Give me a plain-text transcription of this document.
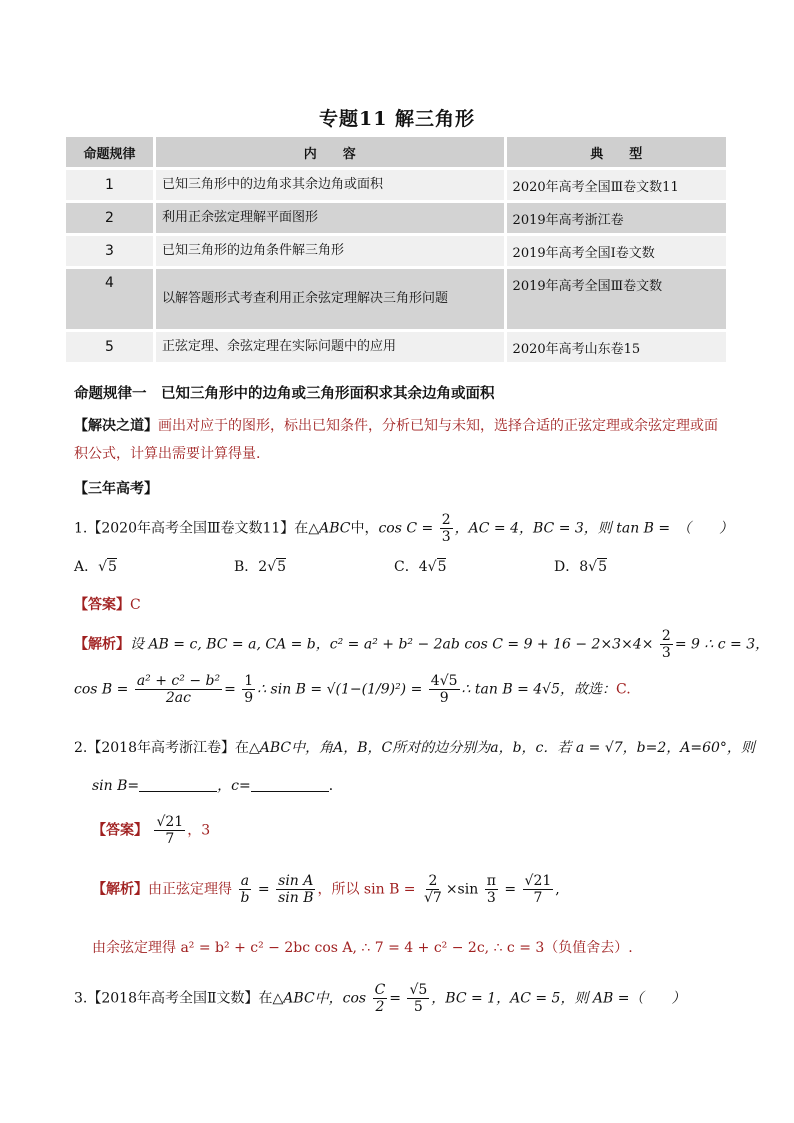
专题11 解三角形
命题规律	内　　容	典　　型
1	已知三角形中的边角求其余边角或面积	2020年高考全国Ⅲ卷文数11
2	利用正余弦定理解平面图形	2019年高考浙江卷
3	已知三角形的边角条件解三角形	2019年高考全国Ⅰ卷文数
4	以解答题形式考查利用正余弦定理解决三角形问题	2019年高考全国Ⅲ卷文数
5	正弦定理、余弦定理在实际问题中的应用	2020年高考山东卷15
命题规律一　已知三角形中的边角或三角形面积求其余边角或面积
【解决之道】画出对应于的图形，标出已知条件，分析已知与未知，选择合适的正弦定理或余弦定理或面积公式，计算出需要计算得量.
【三年高考】
1.【2020年高考全国Ⅲ卷文数11】在△ABC中，$\cos C = \frac{2}{3}$ ，AC = 4，BC = 3，则 tan B =　（　　）
A．√5	B．2√5	C．4√5	D．8√5
【答案】C
【解析】设 AB = c, BC = a, CA = b，c² = a² + b² − 2ab $\cos C = 9 + 16 - 2\times 3\times 4\times \frac{2}{3} = 9$ ∴ c = 3，
$\cos B = \frac{\text{a² + c² − b²}}{2ac} = \frac{1}{9}$ ∴ $\sin B = √(1-(1/9)^2) = \frac{4√5}{9}$ ∴ tan B = 4√5，故选：C.
2.【2018年高考浙江卷】在△ABC中，角A，B，C所对的边分别为a，b，c．若 a = √7，b=2，A=60°，则
sin B=	，c=	．
【答案】 $\frac{√21}{7}$ ，3
【解析】由正弦定理得 $\frac{a}{b} = \frac{\text{sin A}}{\text{sin B}}$ ，所以 $\sin B = \frac{2}{√7} \times\sin \frac{\pi}{3} = \frac{√21}{7}$ ,
由余弦定理得 a² = b² + c² − 2bc cos A, ∴ 7 = 4 + c² − 2c, ∴ c = 3（负值舍去）.
3.【2018年高考全国Ⅱ文数】在△ABC中，$\cos \frac{C}{2} = \frac{√5}{5}$ ，BC = 1，AC = 5，则 AB =（　　）
